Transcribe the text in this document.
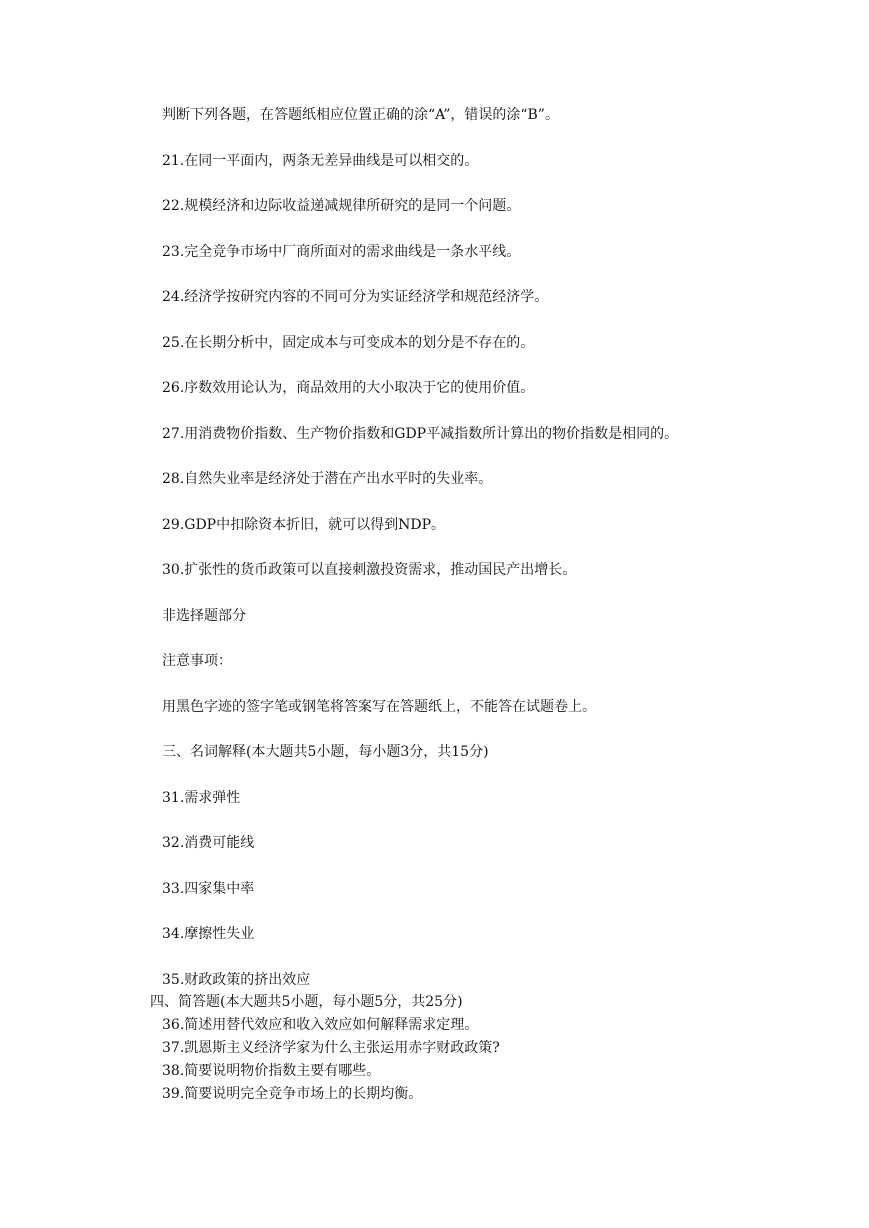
判断下列各题，在答题纸相应位置正确的涂“A”，错误的涂“B”。
21.在同一平面内，两条无差异曲线是可以相交的。
22.规模经济和边际收益递减规律所研究的是同一个问题。
23.完全竞争市场中厂商所面对的需求曲线是一条水平线。
24.经济学按研究内容的不同可分为实证经济学和规范经济学。
25.在长期分析中，固定成本与可变成本的划分是不存在的。
26.序数效用论认为，商品效用的大小取决于它的使用价值。
27.用消费物价指数、生产物价指数和GDP平减指数所计算出的物价指数是相同的。
28.自然失业率是经济处于潜在产出水平时的失业率。
29.GDP中扣除资本折旧，就可以得到NDP。
30.扩张性的货币政策可以直接刺激投资需求，推动国民产出增长。
非选择题部分
注意事项：
用黑色字迹的签字笔或钢笔将答案写在答题纸上，不能答在试题卷上。
三、名词解释(本大题共5小题，每小题3分，共15分)
31.需求弹性
32.消费可能线
33.四家集中率
34.摩擦性失业
35.财政政策的挤出效应
四、简答题(本大题共5小题，每小题5分，共25分)
36.简述用替代效应和收入效应如何解释需求定理。
37.凯恩斯主义经济学家为什么主张运用赤字财政政策?
38.简要说明物价指数主要有哪些。
39.简要说明完全竞争市场上的长期均衡。
